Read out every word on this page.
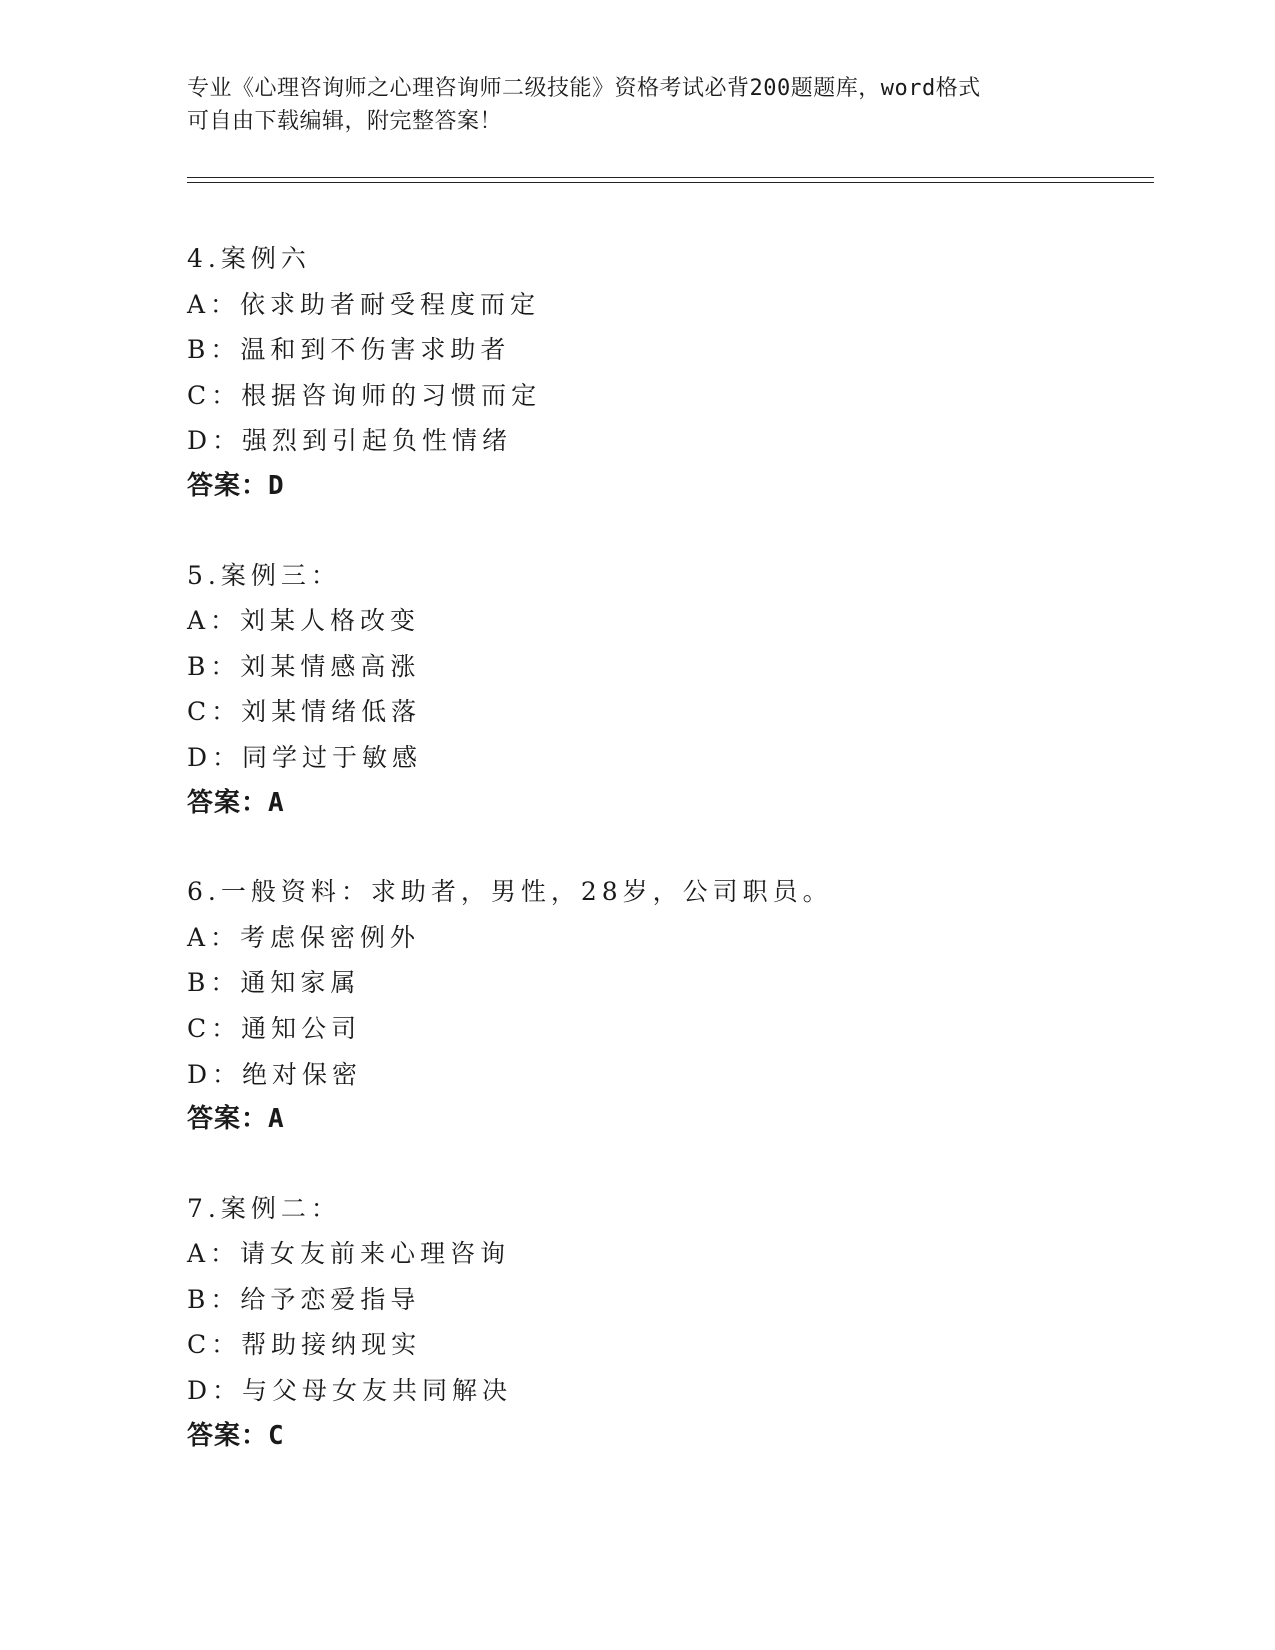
专业《心理咨询师之心理咨询师二级技能》资格考试必背200题题库，word格式
可自由下载编辑，附完整答案！
4.案例六
A：依求助者耐受程度而定
B：温和到不伤害求助者
C：根据咨询师的习惯而定
D：强烈到引起负性情绪
答案：D
5.案例三：
A：刘某人格改变
B：刘某情感高涨
C：刘某情绪低落
D：同学过于敏感
答案：A
6.一般资料：求助者，男性，28岁，公司职员。
A：考虑保密例外
B：通知家属
C：通知公司
D：绝对保密
答案：A
7.案例二：
A：请女友前来心理咨询
B：给予恋爱指导
C：帮助接纳现实
D：与父母女友共同解决
答案：C
